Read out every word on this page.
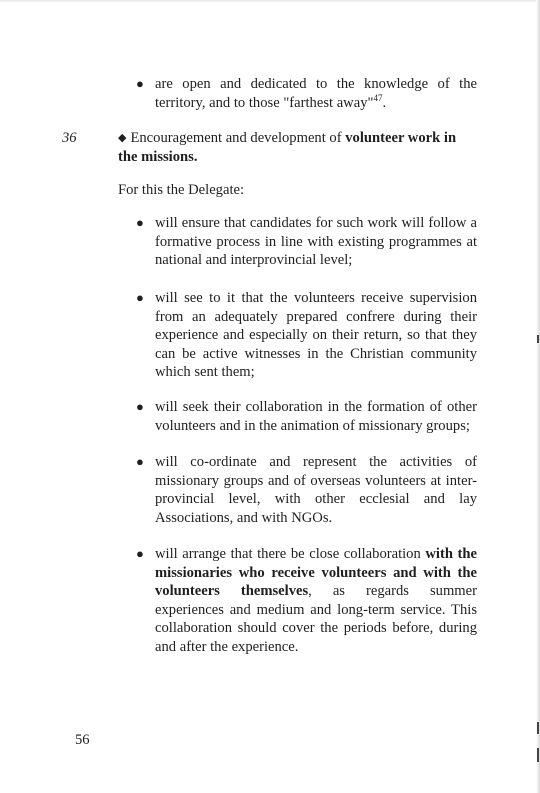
● are open and dedicated to the knowledge of the territory, and to those "farthest away"$^{47}$.
36	◆ Encouragement and development of volunteer work in the missions.
For this the Delegate:
● will ensure that candidates for such work will follow a formative process in line with existing programmes at national and interprovincial level;
● will see to it that the volunteers receive supervision from an adequately prepared confrere during their experience and especially on their return, so that they can be active witnesses in the Christian community which sent them;
● will seek their collaboration in the formation of other volunteers and in the animation of missionary groups;
● will co-ordinate and represent the activities of missionary groups and of overseas volunteers at inter-provincial level, with other ecclesial and lay Associations, and with NGOs.
● will arrange that there be close collaboration with the missionaries who receive volunteers and with the volunteers themselves, as regards summer experiences and medium and long-term service. This collaboration should cover the periods before, during and after the experience.
56
